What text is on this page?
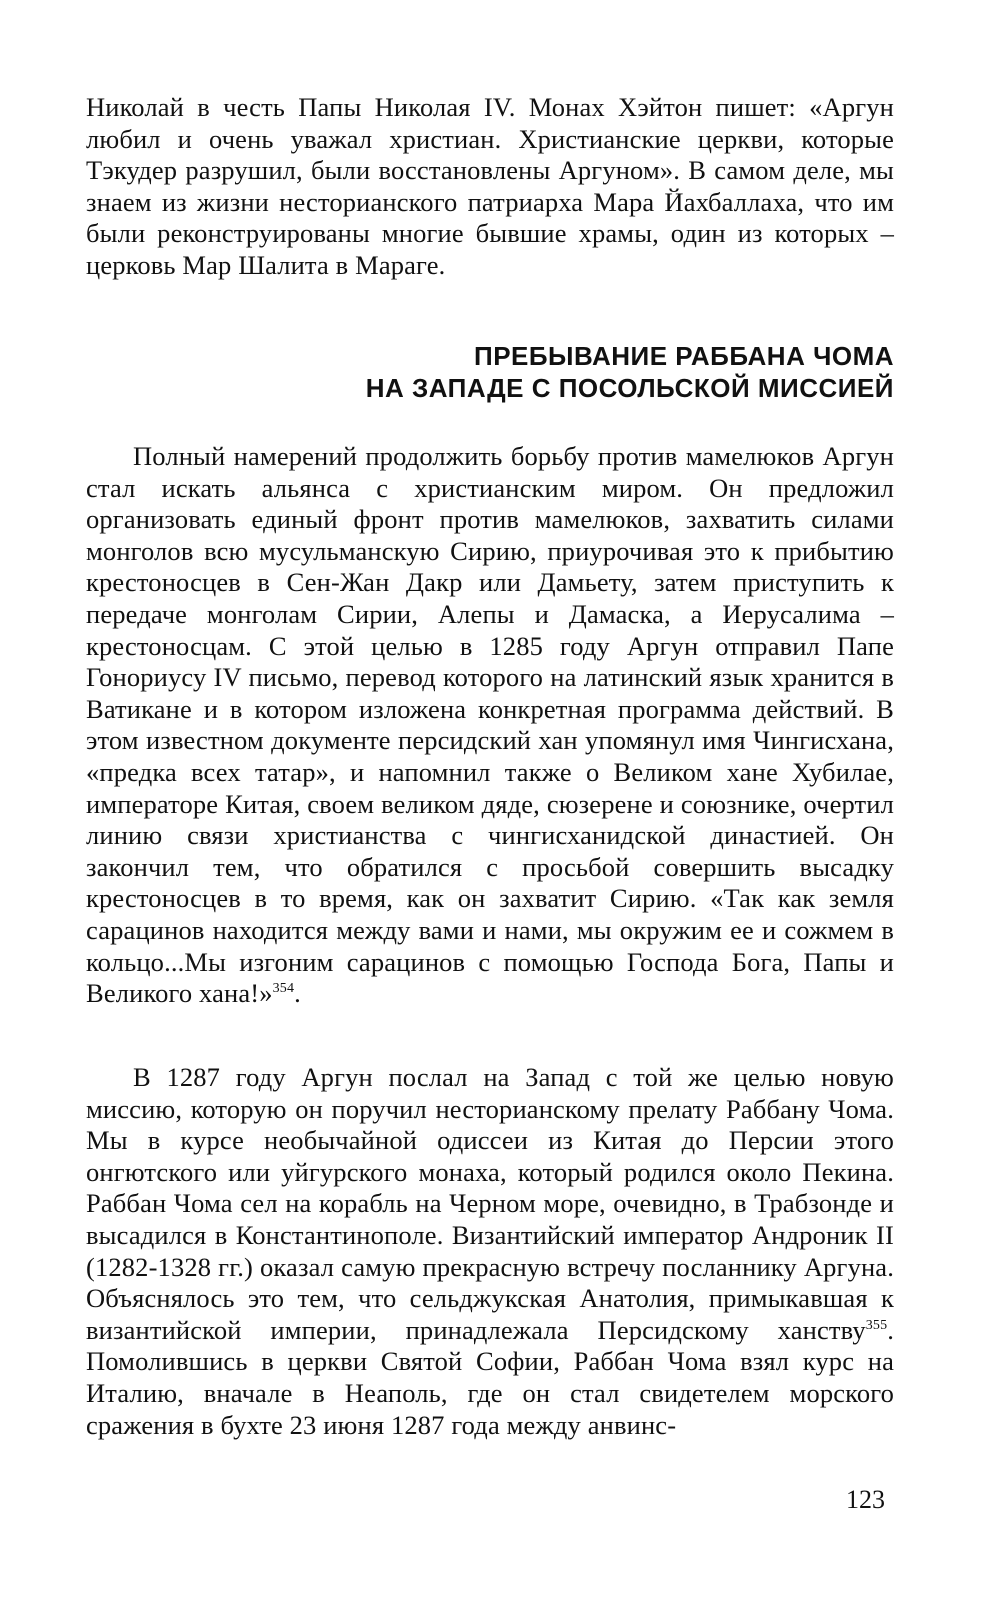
Николай в честь Папы Николая IV. Монах Хэйтон пишет: «Аргун любил и очень уважал христиан. Христианские церкви, которые Тэкудер разрушил, были восстановлены Аргуном». В самом деле, мы знаем из жизни несторианского патриарха Мара Йахбаллаха, что им были реконструированы многие бывшие храмы, один из которых – церковь Мар Шалита в Мараге.

ПРЕБЫВАНИЕ РАББАНА ЧОМА
НА ЗАПАДЕ С ПОСОЛЬСКОЙ МИССИЕЙ

Полный намерений продолжить борьбу против мамелюков Аргун стал искать альянса с христианским миром. Он предложил организовать единый фронт против мамелюков, захватить силами монголов всю мусульманскую Сирию, приурочивая это к прибытию крестоносцев в Сен-Жан Дакр или Дамьету, затем приступить к передаче монголам Сирии, Алепы и Дамаска, а Иерусалима – крестоносцам. С этой целью в 1285 году Аргун отправил Папе Гонориусу IV письмо, перевод которого на латинский язык хранится в Ватикане и в котором изложена конкретная программа действий. В этом известном документе персидский хан упомянул имя Чингисхана, «предка всех татар», и напомнил также о Великом хане Хубилае, императоре Китая, своем великом дяде, сюзерене и союзнике, очертил линию связи христианства с чингисханидской династией. Он закончил тем, что обратился с просьбой совершить высадку крестоносцев в то время, как он захватит Сирию. «Так как земля сарацинов находится между вами и нами, мы окружим ее и сожмем в кольцо...Мы изгоним сарацинов с помощью Господа Бога, Папы и Великого хана!»$^{354}$.

В 1287 году Аргун послал на Запад с той же целью новую миссию, которую он поручил несторианскому прелату Раббану Чома. Мы в курсе необычайной одиссеи из Китая до Персии этого онгютского или уйгурского монаха, который родился около Пекина. Раббан Чома сел на корабль на Черном море, очевидно, в Трабзонде и высадился в Константинополе. Византийский император Андроник II (1282-1328 гг.) оказал самую прекрасную встречу посланнику Аргуна. Объяснялось это тем, что сельджукская Анатолия, примыкавшая к византийской империи, принадлежала Персидскому ханству$^{355}$. Помолившись в церкви Святой Софии, Раббан Чома взял курс на Италию, вначале в Неаполь, где он стал свидетелем морского сражения в бухте 23 июня 1287 года между анвинс-

123
